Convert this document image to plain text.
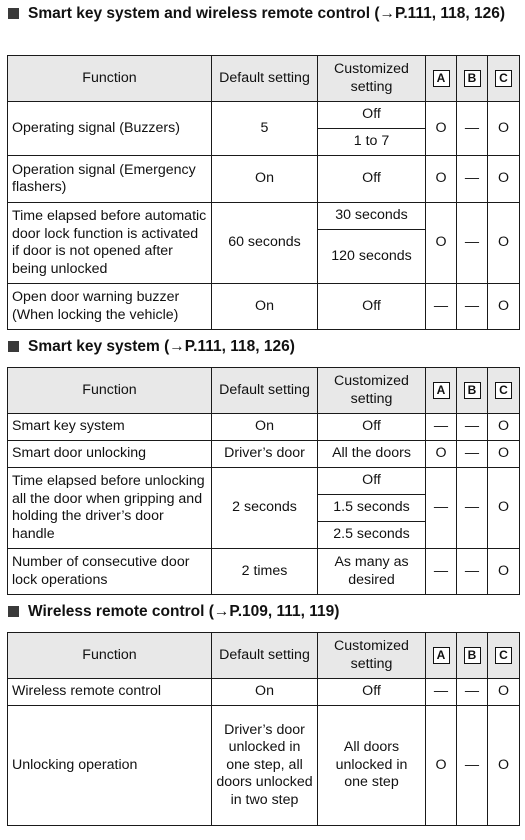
Smart key system and wireless remote control (→P.111, 118, 126)
Function	Default setting	Customized setting	A	B	C
Operating signal (Buzzers)	5	Off	O	—	O
		1 to 7			
Operation signal (Emergency flashers)	On	Off	O	—	O
Time elapsed before automatic door lock function is activated if door is not opened after being unlocked	60 seconds	30 seconds	O	—	O
		120 seconds			
Open door warning buzzer (When locking the vehicle)	On	Off	—	—	O
Smart key system (→P.111, 118, 126)
Function	Default setting	Customized setting	A	B	C
Smart key system	On	Off	—	—	O
Smart door unlocking	Driver’s door	All the doors	O	—	O
Time elapsed before unlocking all the door when gripping and holding the driver’s door handle	2 seconds	Off	—	—	O
		1.5 seconds			
		2.5 seconds			
Number of consecutive door lock operations	2 times	As many as desired	—	—	O
Wireless remote control (→P.109, 111, 119)
Function	Default setting	Customized setting	A	B	C
Wireless remote control	On	Off	—	—	O
Unlocking operation	Driver’s door unlocked in one step, all doors unlocked in two step	All doors unlocked in one step	O	—	O
